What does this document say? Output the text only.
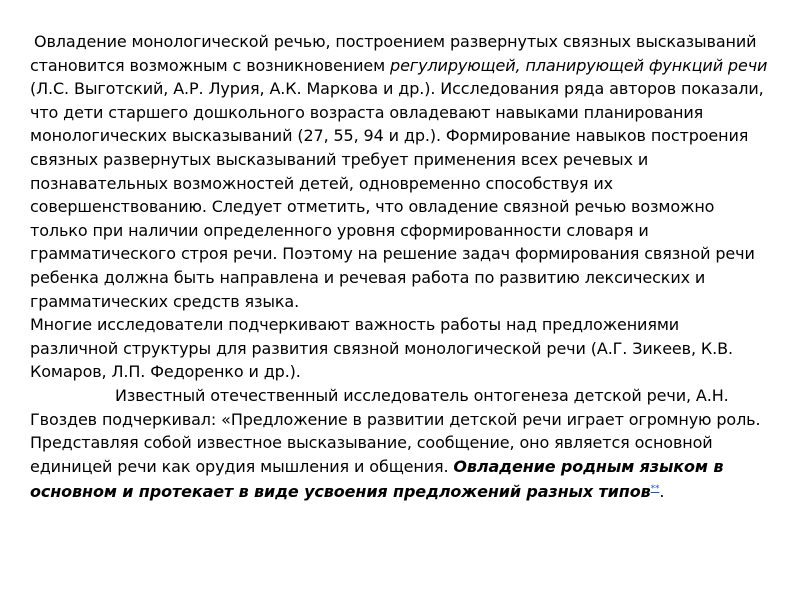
Овладение монологической речью, построением развернутых связных высказываний становится возможным с возникновением регулирующей, планирующей функций речи (Л.С. Выготский, А.Р. Лурия, А.К. Маркова и др.). Исследования ряда авторов показали, что дети старшего дошкольного возраста овладевают навыками планирования монологических высказываний (27, 55, 94 и др.). Формирование навыков построения связных развернутых высказываний требует применения всех речевых и познавательных возможностей детей, одновременно способствуя их совершенствованию. Следует отметить, что овладение связной речью возможно только при наличии определенного уровня сформированности словаря и грамматического строя речи. Поэтому на решение задач формирования связной речи ребенка должна быть направлена и речевая работа по развитию лексических и грамматических средств языка.

Многие исследователи подчеркивают важность работы над предложениями различной структуры для развития связной монологической речи (А.Г. Зикеев, К.В. Комаров, Л.П. Федоренко и др.).

Известный отечественный исследователь онтогенеза детской речи, А.Н. Гвоздев подчеркивал: «Предложение в развитии детской речи играет огромную роль. Представляя собой известное высказывание, сообщение, оно является основной единицей речи как орудия мышления и общения. Овладение родным языком в основном и протекает в виде усвоения предложений разных типов**.
